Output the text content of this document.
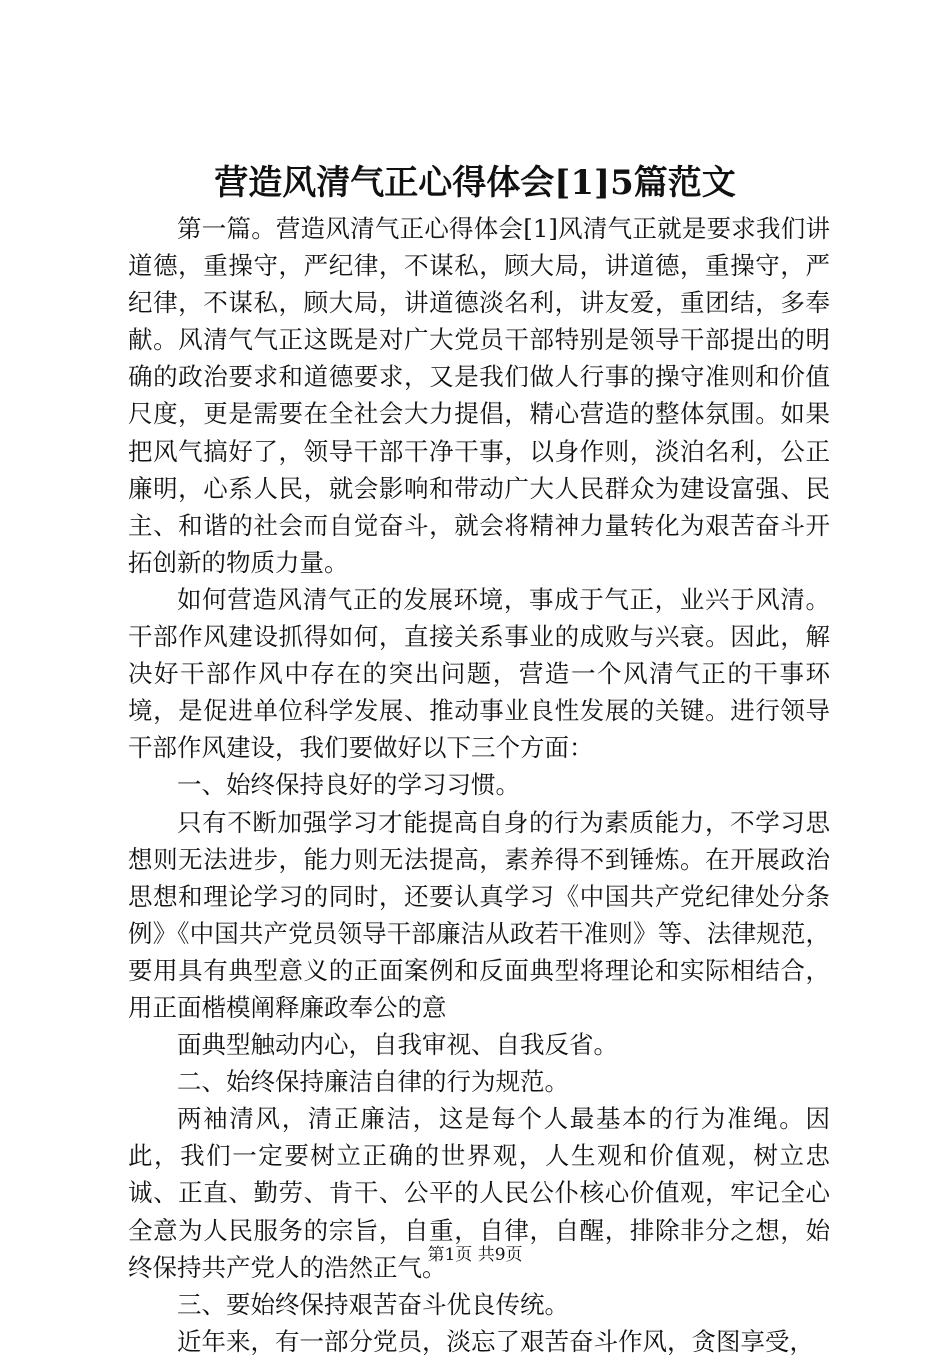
营造风清气正心得体会[1]5篇范文

第一篇。营造风清气正心得体会[1]风清气正就是要求我们讲道德，重操守，严纪律，不谋私，顾大局，讲道德，重操守，严纪律，不谋私，顾大局，讲道德淡名利，讲友爱，重团结，多奉献。风清气气正这既是对广大党员干部特别是领导干部提出的明确的政治要求和道德要求，又是我们做人行事的操守准则和价值尺度，更是需要在全社会大力提倡，精心营造的整体氛围。如果把风气搞好了，领导干部干净干事，以身作则，淡泊名利，公正廉明，心系人民，就会影响和带动广大人民群众为建设富强、民主、和谐的社会而自觉奋斗，就会将精神力量转化为艰苦奋斗开拓创新的物质力量。

如何营造风清气正的发展环境，事成于气正，业兴于风清。干部作风建设抓得如何，直接关系事业的成败与兴衰。因此，解决好干部作风中存在的突出问题，营造一个风清气正的干事环境，是促进单位科学发展、推动事业良性发展的关键。进行领导干部作风建设，我们要做好以下三个方面：

一、始终保持良好的学习习惯。

只有不断加强学习才能提高自身的行为素质能力，不学习思想则无法进步，能力则无法提高，素养得不到锤炼。在开展政治思想和理论学习的同时，还要认真学习《中国共产党纪律处分条例》《中国共产党员领导干部廉洁从政若干准则》等、法律规范，要用具有典型意义的正面案例和反面典型将理论和实际相结合，用正面楷模阐释廉政奉公的意

面典型触动内心，自我审视、自我反省。

二、始终保持廉洁自律的行为规范。

两袖清风，清正廉洁，这是每个人最基本的行为准绳。因此，我们一定要树立正确的世界观，人生观和价值观，树立忠诚、正直、勤劳、肯干、公平的人民公仆核心价值观，牢记全心全意为人民服务的宗旨，自重，自律，自醒，排除非分之想，始终保持共产党人的浩然正气。

三、要始终保持艰苦奋斗优良传统。

近年来，有一部分党员，淡忘了艰苦奋斗作风，贪图享受，

第1页 共9页
